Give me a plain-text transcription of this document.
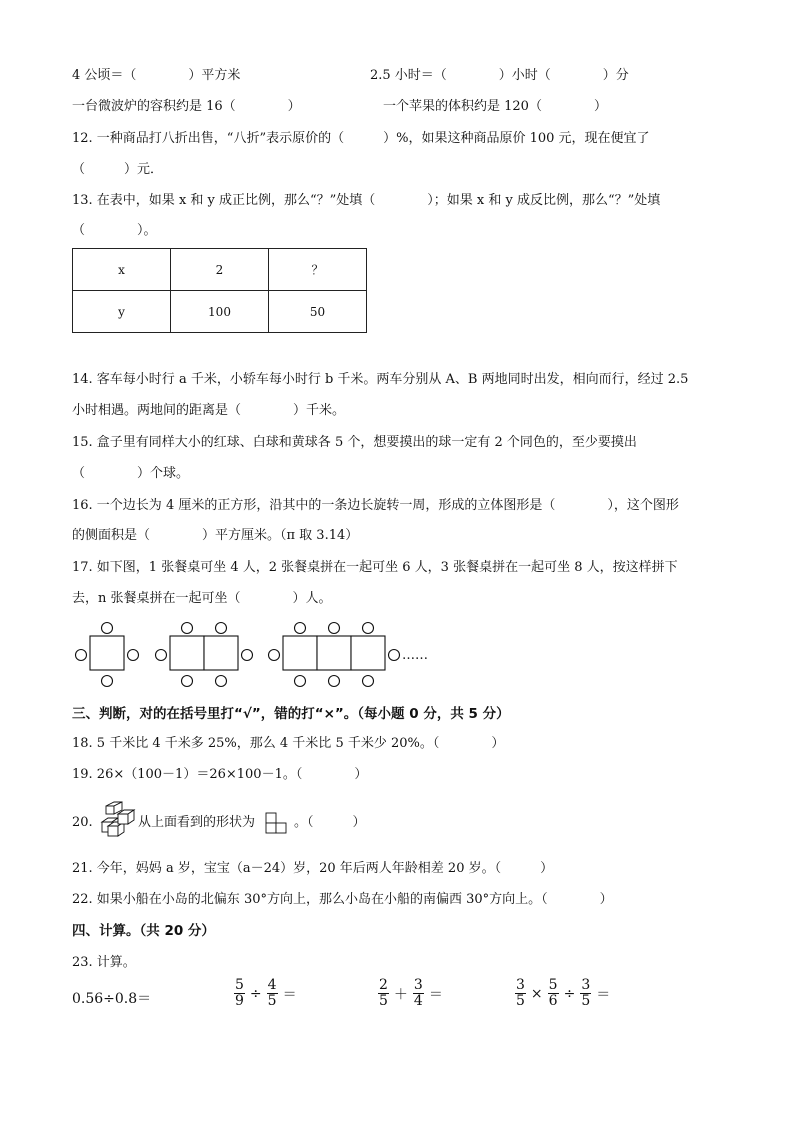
4 公顷＝（　　　　）平方米	2.5 小时＝（　　　　）小时（　　　　）分
一台微波炉的容积约是 16（　　　　）	一个苹果的体积约是 120（　　　　）
12. 一种商品打八折出售，“八折”表示原价的（　　　）%，如果这种商品原价 100 元，现在便宜了
（　　　）元．
13. 在表中，如果 x 和 y 成正比例，那么“？”处填（　　　　）；如果 x 和 y 成反比例，那么“？”处填
（　　　　）。
x	2	？
y	100	50
14. 客车每小时行 a 千米，小轿车每小时行 b 千米。两车分别从 A、B 两地同时出发，相向而行，经过 2.5
小时相遇。两地间的距离是（　　　　）千米。
15. 盒子里有同样大小的红球、白球和黄球各 5 个，想要摸出的球一定有 2 个同色的，至少要摸出
（　　　　）个球。
16. 一个边长为 4 厘米的正方形，沿其中的一条边长旋转一周，形成的立体图形是（　　　　），这个图形
的侧面积是（　　　　）平方厘米。（π 取 3.14）
17. 如下图，1 张餐桌可坐 4 人，2 张餐桌拼在一起可坐 6 人，3 张餐桌拼在一起可坐 8 人，按这样拼下
去，n 张餐桌拼在一起可坐（　　　　）人。
……
三、判断，对的在括号里打“√”，错的打“×”。（每小题 0 分，共 5 分）
18. 5 千米比 4 千米多 25%，那么 4 千米比 5 千米少 20%。（　　　　）
19. 26×（100－1）＝26×100－1。（　　　　）
20.	从上面看到的形状为	。（　　　）
21. 今年，妈妈 a 岁，宝宝（a－24）岁，20 年后两人年龄相差 20 岁。（　　　）
22. 如果小船在小岛的北偏东 30°方向上，那么小岛在小船的南偏西 30°方向上。（　　　　）
四、计算。（共 20 分）
23. 计算。
0.56÷0.8＝	$\frac{5}{9} \div \frac{4}{5}$ ＝	$\frac{2}{5} + \frac{3}{4}$ ＝	$\frac{3}{5} \times \frac{5}{6} \div \frac{3}{5}$ ＝
